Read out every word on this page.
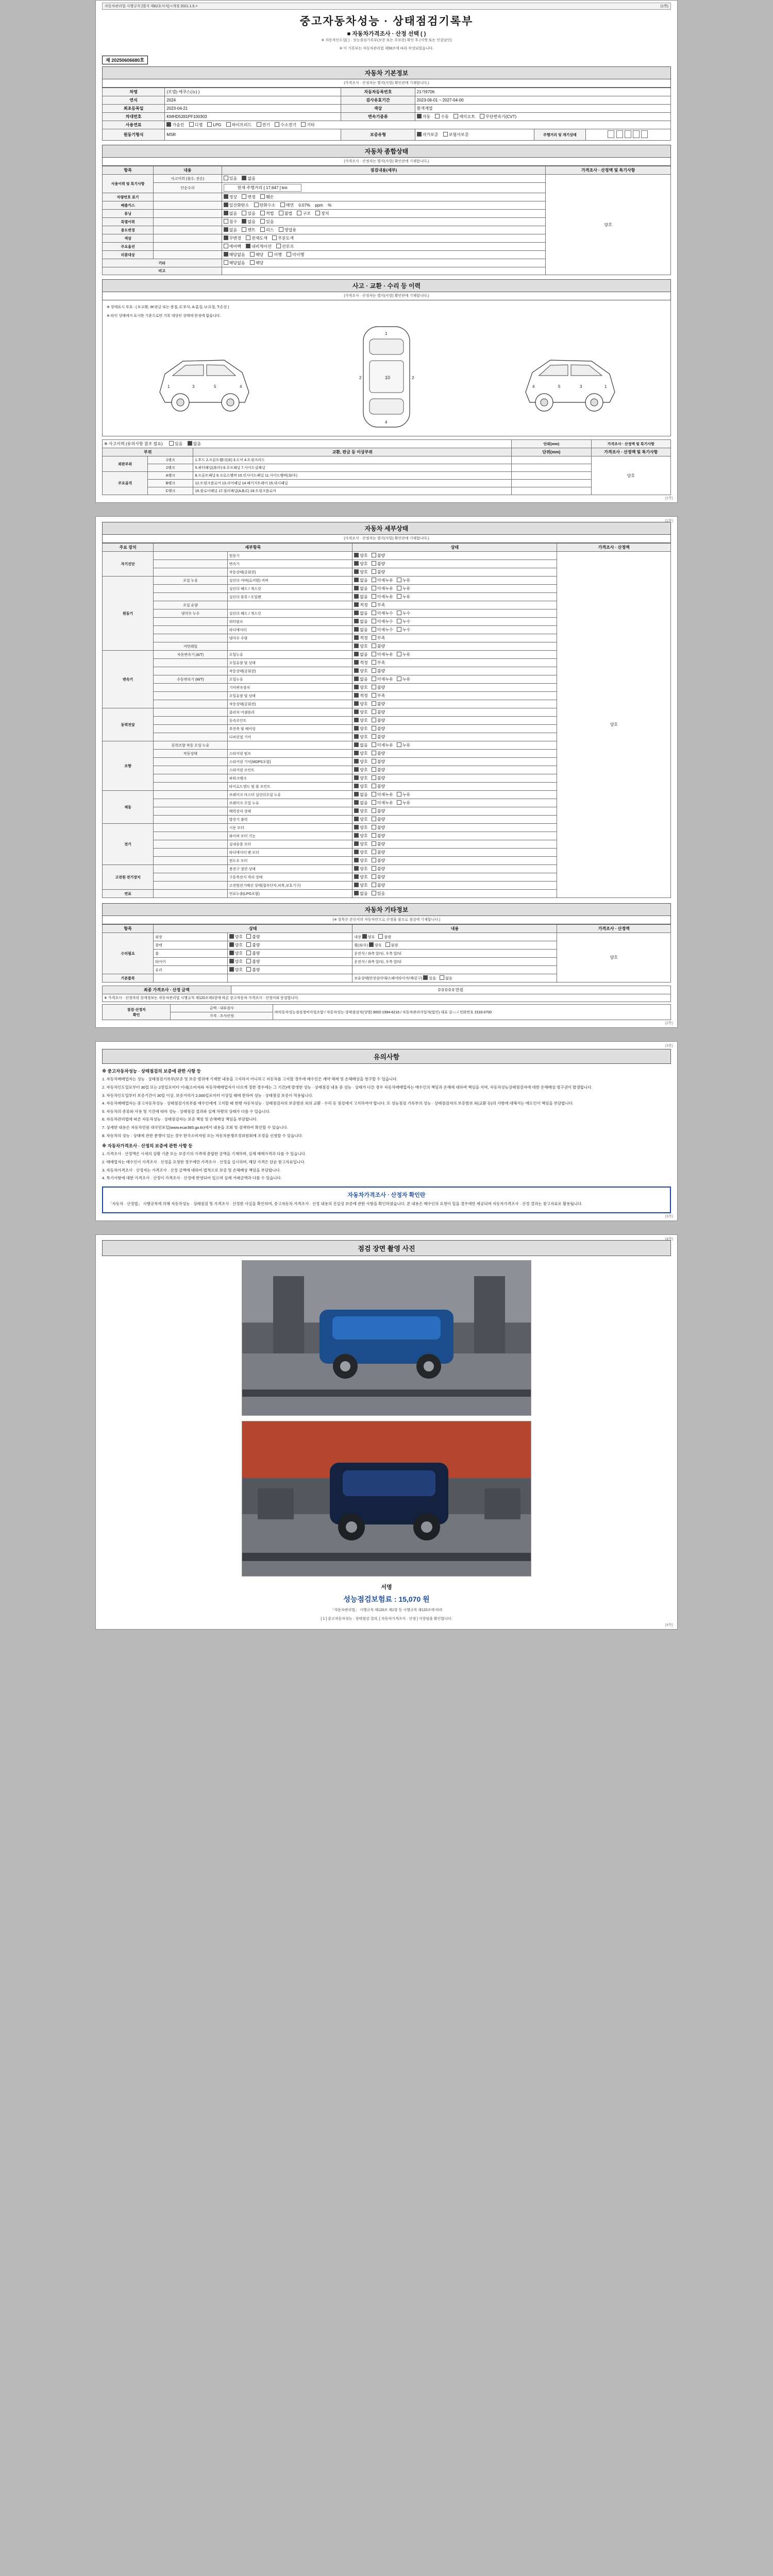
자동차관리법 시행규칙 [별지 제82호서식] <개정 2021.1.5.>	(1쪽)
중고자동차성능 · 상태점검기록부
■ 자동차가격조사 · 산정 선택 ( )
※ 자동차인도일( ) · 성능점검기록부(보증 또는 무보증) 확인 후 (서명 또는 인감날인)
※ 이 기록부는 자동차관리법 제58조에 따라 작성되었습니다.
제 20250606680호
자동차 기본정보
(가격조사 · 산정자는 별지(사항) 확인란에 기재합니다.)
차명	(모델) 에쿠스(뉴) )	자동차등록번호	21가9706		
연식	2024	검사유효기간	2023-06-01 ~ 2027-04-00		
최초등록일	2023-04-21	색상	흰색계열		
차대번호	KMHD5281PF100303	변속기종류	자동 수동 세미오토 무단변속기(CVT)		
사용연료	가솔린 디젤 LPG 하이브리드 전기 수소전기 기타				
원동기형식	MSR	보증유형	자가보증 보험사보증	주행거리 및 계기상태	
자동차 종합상태
(가격조사 · 산정자는 별지(사항) 확인란에 기재합니다.)
항목	내용	점검내용(세부)	가격조사 · 산정액 및 특기사항
사용이력 및 특기사항	사고이력 (침수, 전손)	있음 없음	양호
	단순수리	현재 주행거리 [ 17,647 ] km	
차량번호 표기		정상 변경 훼손	
배출가스		일산화탄소 탄화수소 매연 0.07% ppm %	
튜닝		없음 있음 적법 불법 구조 장치	
특별이력		침수 없음 있음	
용도변경		없음 렌트 리스 영업용	
색상		무변경 전체도색 부분도색	
주요옵션		에어백 내비게이션 선루프	
리콜대상		해당없음 해당 이행 미이행	
기타		해당없음 해당	
비고			
사고 · 교환 · 수리 등 이력
(가격조사 · 산정자는 별지(사항) 확인란에 기재합니다.)
※ 상태표시 부호 : ( X:교환, W:판금 또는 용접, C:부식, A:흠집, U:요철, T:손상 )
※ 타인 상태에서 표시한 기준으로만 기록 대상인 상태에 한정에 없습니다.
1	3	5	4
1
10
4
2	2
1
3
5
4
※ 사고이력 (유의사항 참조 필요) 있음 없음			단위(mm)	가격조사 · 산정액 및 특기사항
부위		교환, 판금 등 이상부위	단위(mm)	가격조사 · 산정액 및 특기사항
외판부위	1랭크	1.후드 2.프론트휀더(좌) 3.도어 4.트렁크리드		양호
	2랭크	5.쿼터패널(좌/우) 6.루프패널 7.사이드실패널		
주요골격	A랭크	8.프론트패널 9.크로스멤버 10.인사이드패널 11.사이드멤버(좌/우)		
	B랭크	12.트렁크플로어 13.리어패널 14.패키지트레이 15.대시패널		
	C랭크	16.플로어패널 17.필러패널(A,B,C) 18.트렁크플로어		
(1쪽)
(2쪽)
자동차 세부상태
(가격조사 · 산정자는 별지(사항) 확인란에 기재합니다.)
주요 장치	세부항목		상태	가격조사 · 산정액
자기진단		원동기	양호 불량	양호
		변속기	양호 불량	
		작동상태(공회전)	양호 불량	
원동기	오일 누유	실린더 커버(로커암) 커버	없음 미세누유 누유	
		실린더 헤드 / 개스킷	없음 미세누유 누유	
		실린더 블록 / 오일팬	없음 미세누유 누유	
	오일 유량		적정 부족	
	냉각수 누수	실린더 헤드 / 개스킷	없음 미세누수 누수	
		워터펌프	없음 미세누수 누수	
		라디에이터	없음 미세누수 누수	
		냉각수 수량	적정 부족	
	커먼레일		양호 불량	
변속기	자동변속기 (A/T)	오일누유	없음 미세누유 누유	
		오일유량 및 상태	적정 부족	
		작동상태(공회전)	양호 불량	
	수동변속기 (M/T)	오일누유	없음 미세누유 누유	
		기어변속장치	양호 불량	
		오일유량 및 상태	적정 부족	
		작동상태(공회전)	양호 불량	
동력전달		클러치 어셈블리	양호 불량	
		등속조인트	양호 불량	
		추진축 및 베어링	양호 불량	
		디퍼런셜 기어	양호 불량	
조향	동력조향 작동 오일 누유		없음 미세누유 누유	
	작동상태	스티어링 펌프	양호 불량	
		스티어링 기어(MDPS포함)	양호 불량	
		스티어링 조인트	양호 불량	
		파워크랭크	양호 불량	
		타이로드엔드 및 볼 조인트	양호 불량	
제동		브레이크 마스터 실린더오일 누유	없음 미세누유 누유	
		브레이크 오일 누유	없음 미세누유 누유	
		배력장치 상태	양호 불량	
		발전기 출력	양호 불량	
전기		시동 모터	양호 불량	
		와이퍼 모터 기능	양호 불량	
		실내송풍 모터	양호 불량	
		라디에이터 팬 모터	양호 불량	
		윈도우 모터	양호 불량	
고전원 전기장치		충전구 절연 상태	양호 불량	
		구동축전지 격리 상태	양호 불량	
		고전원전기배선 상태(접속단자,피복,보호기구)	양호 불량	
연료		연료누출(LPG포함)	없음 있음	
자동차 기타정보
(※ 항목은 본인지의 자동차만으로 산정물 참조로 점검에 기재합니다.)
항목	상태		내용	가격조사 · 산정액
수리필요	외장	양호 불량	내장 양호 불량	양호
	광택	양호 불량	휠(좌/우) 양호 불량	
	룸	양호 불량	운전석 / 좌측 앞/뒤, 우측 앞/뒤	
	타이어	양호 불량	운전석 / 좌측 앞/뒤, 우측 앞/뒤	
	유리	양호 불량		
기본품목			보유상태(안전삼각대/스페어타이어/잭/공구) 있음 없음	
최종 가격조사 · 산정 금액	0 0 0 0 0 만원
※ 가격조사 · 산정자의 상세정보는 자동차관리법 시행규칙 제120조제1항에 따른 중고자동차 가격조사 · 산정서와 동일합니다.
점검·산정자
확인	금액 · 내부검사	㈜자동차성능점검정비사업조합 / 자동차성능·상태점검자(성명) 9002-1994-6216 / 자동차관리사업자(법인) 대표 김○○ / 전화번호 1533-0700
가격 · 조사산정
(2쪽)
(3쪽)
유의사항
※ 중고자동차성능 · 상태점검의 보증에 관한 사항 등

1. 자동차매매업자는 성능 · 상태점검기록부(보증 및 보증 범위에 기재한 내용을 고지하지 아니하고 자동차를 고지할 경우에 매수인은 계약 해제 및 손해배상을 청구할 수 있습니다.

2. 자동차인도일로부터 30일 또는 2천킬로미터 이내(소비자와 자동차매매업자가 다르게 정한 경우에는 그 기간)에 발생한 성능 · 상태점검 내용 중 성능 · 상태가 다른 경우 자동차매매업자는 매수인의 책임과 손해에 대하여 책임을 지며, 자동차성능상태점검자에 대한 손해배상 청구권이 발생합니다.

3. 자동차인도일부터 보증기간이 30일 이상, 보증거리가 2,000킬로미터 이상일 때에 한하여 성능 · 상태점검 보증이 적용됩니다.

4. 자동차매매업자는 중고자동차성능 · 상태점검기록부를 매수인에게 고지할 때 현행 자동차성능 · 상태점검자의 보증범위 외의 교환 · 수리 등 점검에서 고지하여야 합니다. 또 성능점검 기록부의 성능 · 상태점검자의 보증범위 외(교환 등)의 사항에 대해서는 매도인이 책임을 부담합니다.

5. 자동차의 종류와 사용 및 기간에 따라 성능 · 상태점검 결과와 실제 차량의 상태가 다를 수 있습니다.

6. 자동차관리법에 따른 자동차성능 · 상태점검자는 보증 책임 및 손해배상 책임을 부담합니다.

7. 상세한 내용은 자동차민원 대국민포털(www.ecar365.go.kr)에서 내용을 조회 및 검색하여 확인할 수 있습니다.

8. 자동차의 성능 · 상태에 관한 분쟁이 있는 경우 한국소비자원 또는 자동차분쟁조정위원회에 조정을 신청할 수 있습니다.

※ 자동차가격조사 · 산정의 보증에 관한 사항 등

1. 가격조사 · 산정액은 시세의 상황 기준 또는 보증기의 가격에 준합한 금액을 기재하며, 실제 매매가격과 다를 수 있습니다.

2. 매매업자는 매수인이 가격조사 · 산정을 요청한 경우에만 가격조사 · 산정을 실시하며, 해당 가격은 단순 참고자료입니다.

3. 자동차가격조사 · 산정자는 가격조사 · 산정 금액에 대하여 법적으로 보증 및 손해배상 책임을 부담합니다.

4. 특기사항에 대한 가격조사 · 산정이 가격조사 · 산정에 반영되어 있으며 실제 거래금액과 다를 수 있습니다.

자동차가격조사 · 산정자 확인란

「자동차 · 산정법」 시행규칙에 의해 자동차성능 · 상태점검 및 가격조사 · 산정한 사실을 확인하며, 중고자동차 가격조사 · 산정 내용의 진실성 보증에 관한 사항을 확인하였습니다. 본 내용은 매수인의 요청이 있을 경우에만 제공되며 자동차가격조사 · 산정 결과는 참고자료로 활용됩니다.

(3쪽)
(4쪽)
점검 장면 촬영 사진
서명
성능점검보험료 : 15,070 원
「자동차관리법」 시행규칙 제120조 제1항 등 시행규칙 제120조에 따라
[ 1 ] 중고자동차성능 · 상태점검 결과, [ 자동차가격조사 · 산정 ] 사항임을 확인합니다.
(4쪽)
